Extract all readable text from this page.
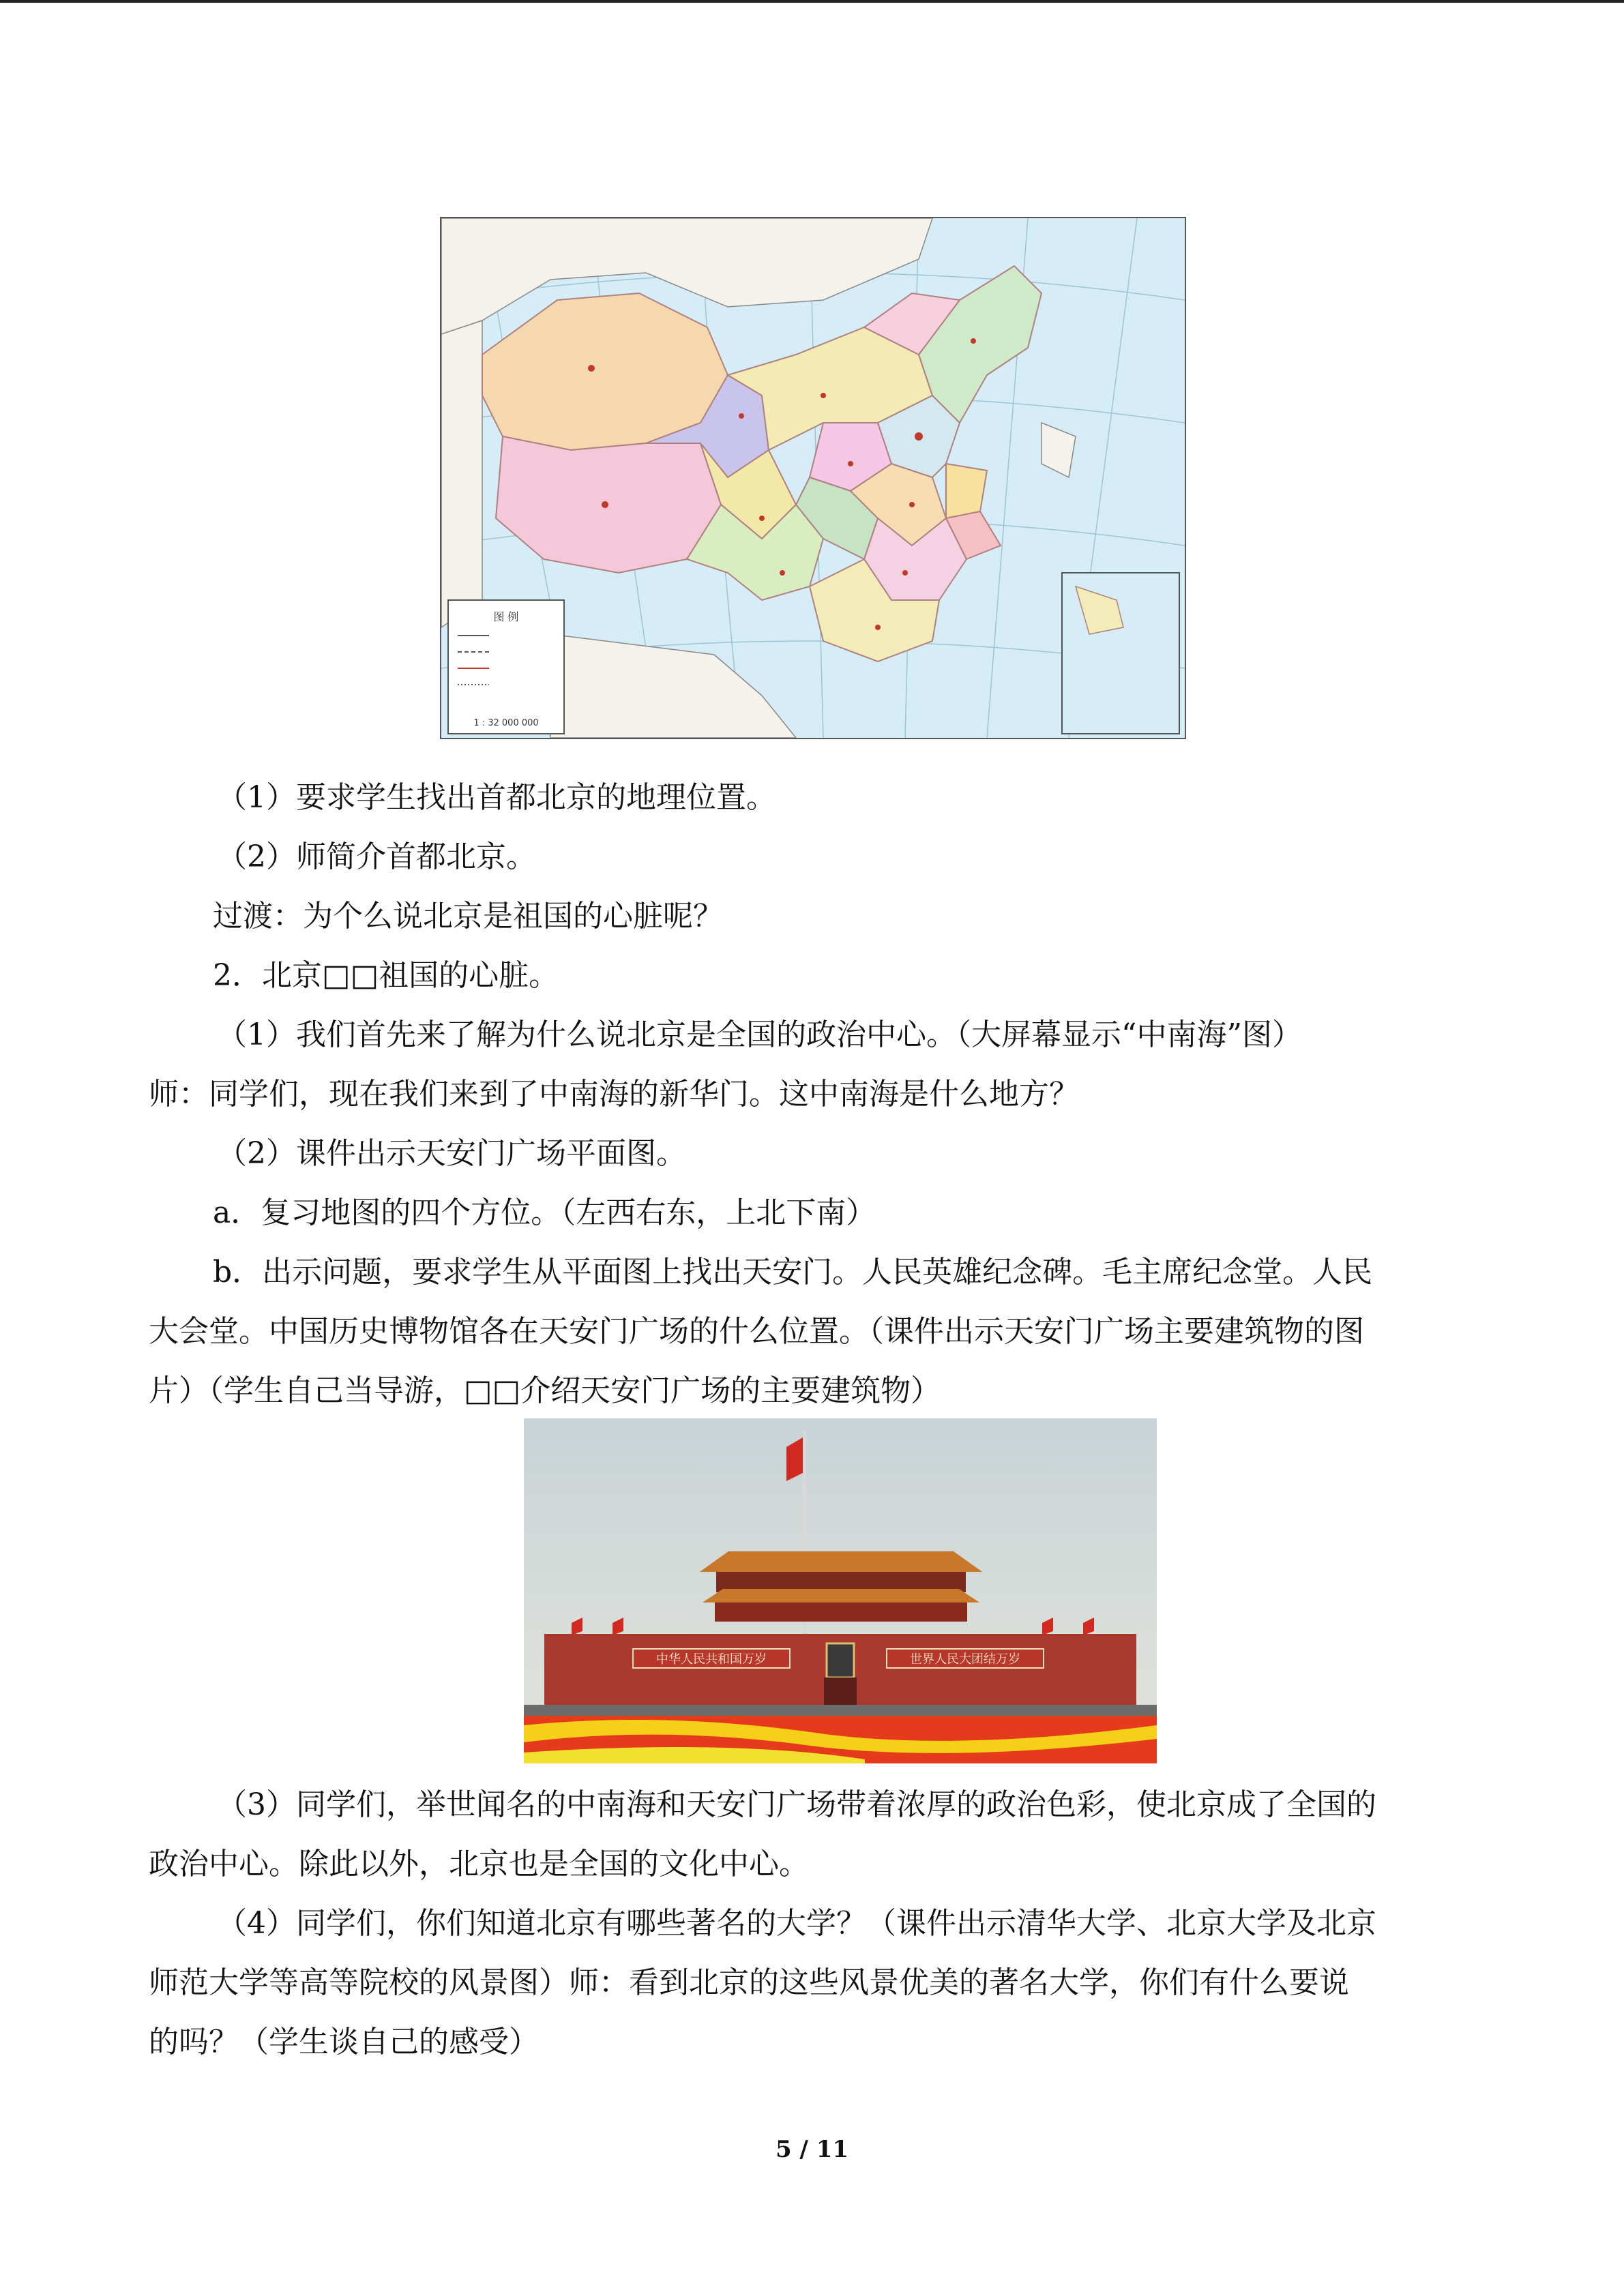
图 例
1 : 32 000 000
（1）要求学生找出首都北京的地理位置。
（2）师简介首都北京。
过渡：为个么说北京是祖国的心脏呢？
2．北京□□祖国的心脏。
（1）我们首先来了解为什么说北京是全国的政治中心。（大屏幕显示“中南海”图）
师：同学们，现在我们来到了中南海的新华门。这中南海是什么地方？
（2）课件出示天安门广场平面图。
a．复习地图的四个方位。（左西右东，上北下南）
b．出示问题，要求学生从平面图上找出天安门。人民英雄纪念碑。毛主席纪念堂。人民
大会堂。中国历史博物馆各在天安门广场的什么位置。（课件出示天安门广场主要建筑物的图
片）（学生自己当导游，□□介绍天安门广场的主要建筑物）
中华人民共和国万岁	世界人民大团结万岁
（3）同学们，举世闻名的中南海和天安门广场带着浓厚的政治色彩，使北京成了全国的
政治中心。除此以外，北京也是全国的文化中心。
（4）同学们，你们知道北京有哪些著名的大学？（课件出示清华大学、北京大学及北京
师范大学等高等院校的风景图）师：看到北京的这些风景优美的著名大学，你们有什么要说
的吗？（学生谈自己的感受）
5 / 11
